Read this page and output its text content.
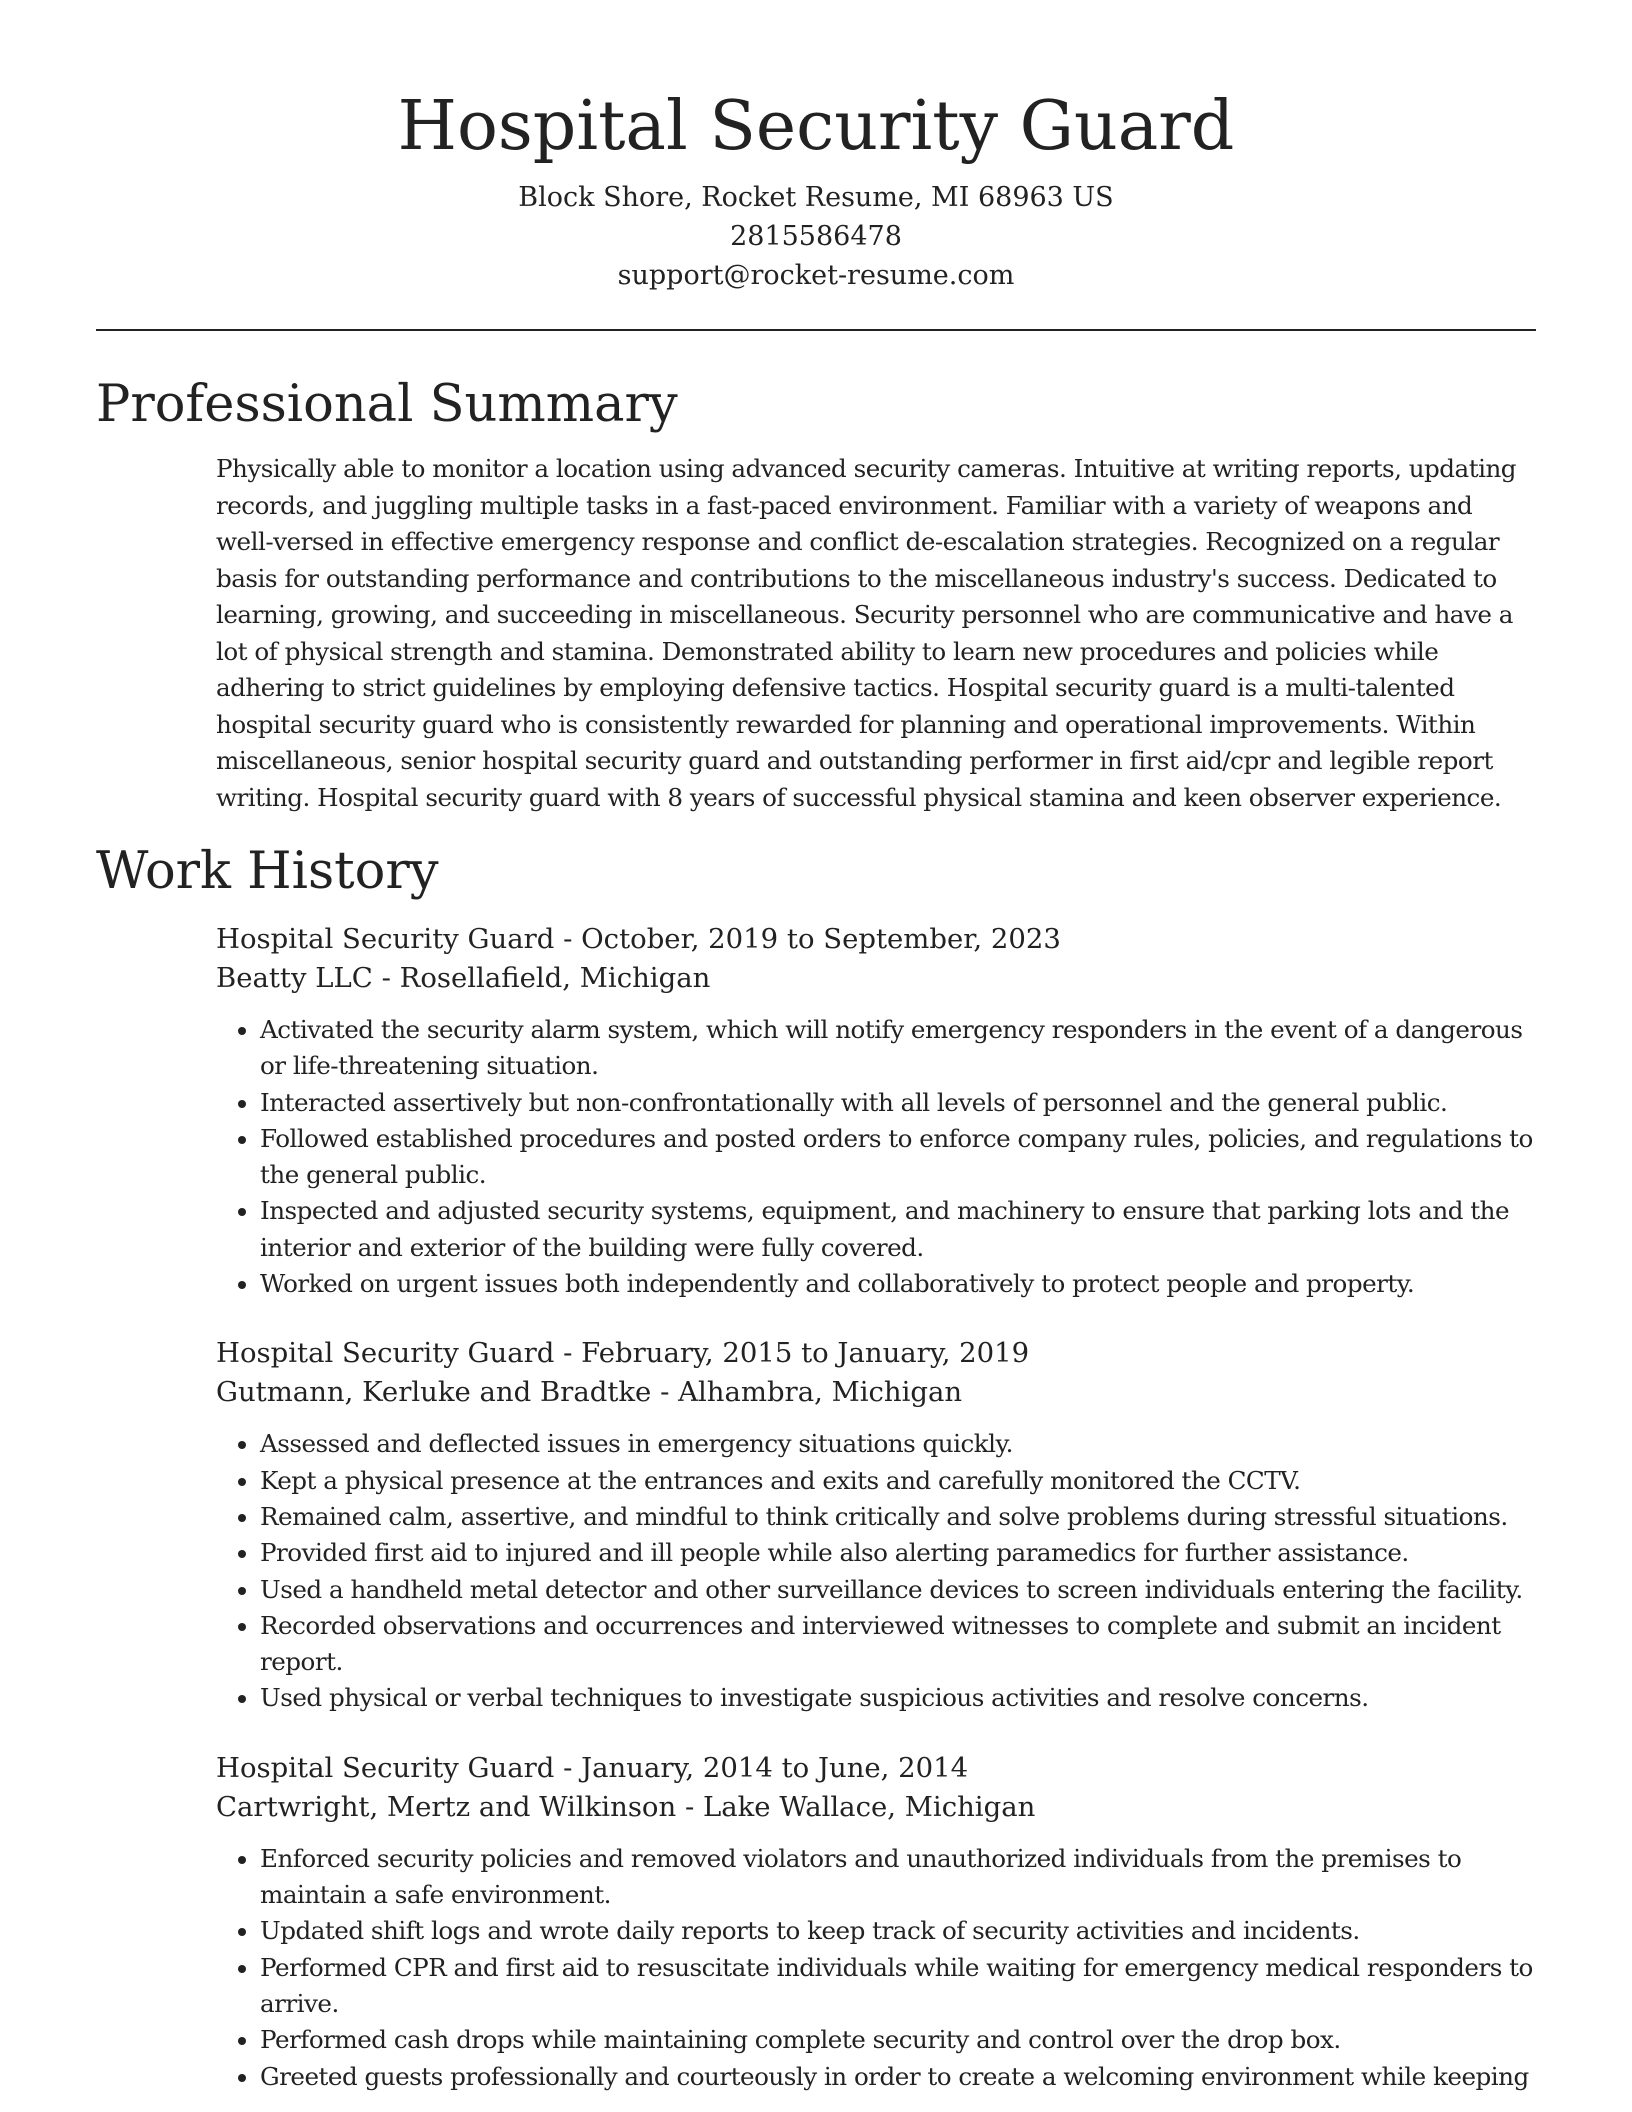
Hospital Security Guard
Block Shore, Rocket Resume, MI 68963 US
2815586478
support@rocket-resume.com
Professional Summary

Physically able to monitor a location using advanced security cameras. Intuitive at writing reports, updating records, and juggling multiple tasks in a fast-paced environment. Familiar with a variety of weapons and well-versed in effective emergency response and conflict de-escalation strategies. Recognized on a regular basis for outstanding performance and contributions to the miscellaneous industry's success. Dedicated to learning, growing, and succeeding in miscellaneous. Security personnel who are communicative and have a lot of physical strength and stamina. Demonstrated ability to learn new procedures and policies while adhering to strict guidelines by employing defensive tactics. Hospital security guard is a multi-talented hospital security guard who is consistently rewarded for planning and operational improvements. Within miscellaneous, senior hospital security guard and outstanding performer in first aid/cpr and legible report writing. Hospital security guard with 8 years of successful physical stamina and keen observer experience.

Work History
Hospital Security Guard - October, 2019 to September, 2023
Beatty LLC - Rosellafield, Michigan
• Activated the security alarm system, which will notify emergency responders in the event of a dangerous or life-threatening situation.
• Interacted assertively but non-confrontationally with all levels of personnel and the general public.
• Followed established procedures and posted orders to enforce company rules, policies, and regulations to the general public.
• Inspected and adjusted security systems, equipment, and machinery to ensure that parking lots and the interior and exterior of the building were fully covered.
• Worked on urgent issues both independently and collaboratively to protect people and property.
Hospital Security Guard - February, 2015 to January, 2019
Gutmann, Kerluke and Bradtke - Alhambra, Michigan
• Assessed and deflected issues in emergency situations quickly.
• Kept a physical presence at the entrances and exits and carefully monitored the CCTV.
• Remained calm, assertive, and mindful to think critically and solve problems during stressful situations.
• Provided first aid to injured and ill people while also alerting paramedics for further assistance.
• Used a handheld metal detector and other surveillance devices to screen individuals entering the facility.
• Recorded observations and occurrences and interviewed witnesses to complete and submit an incident report.
• Used physical or verbal techniques to investigate suspicious activities and resolve concerns.
Hospital Security Guard - January, 2014 to June, 2014
Cartwright, Mertz and Wilkinson - Lake Wallace, Michigan
• Enforced security policies and removed violators and unauthorized individuals from the premises to maintain a safe environment.
• Updated shift logs and wrote daily reports to keep track of security activities and incidents.
• Performed CPR and first aid to resuscitate individuals while waiting for emergency medical responders to arrive.
• Performed cash drops while maintaining complete security and control over the drop box.
• Greeted guests professionally and courteously in order to create a welcoming environment while keeping
